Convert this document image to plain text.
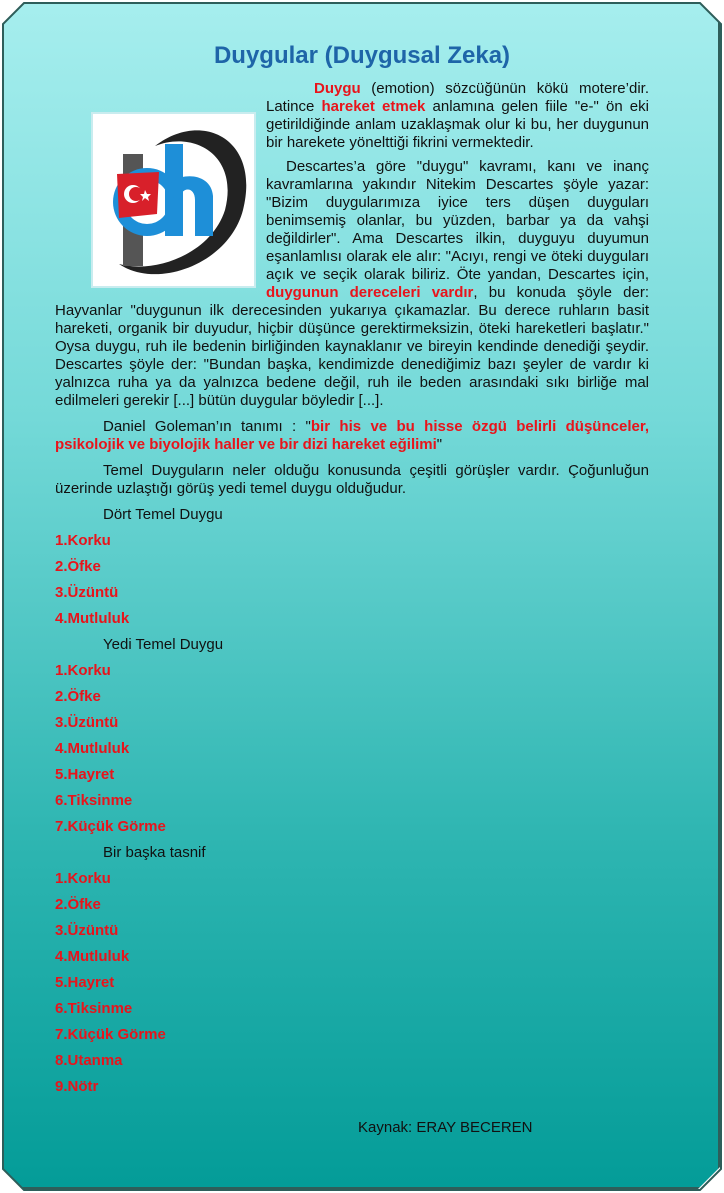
Duygular (Duygusal Zeka)

Duygu (emotion) sözcüğünün kökü motere’dir. Latince hareket etmek anlamına gelen fiile "e-" ön eki getirildiğinde anlam uzaklaşmak olur ki bu, her duygunun bir harekete yönelttiği fikrini vermektedir.

Descartes’a göre "duygu" kavramı, kanı ve inanç kavramlarına yakındır Nitekim Descartes şöyle yazar: "Bizim duygularımıza iyice ters düşen duyguları benimsemiş olanlar, bu yüzden, barbar ya da vahşi değildirler". Ama Descartes ilkin, duyguyu duyumun eşanlamlısı olarak ele alır: "Acıyı, rengi ve öteki duyguları açık ve seçik olarak biliriz. Öte yandan, Descartes için, duygunun dereceleri vardır, bu konuda şöyle der: Hayvanlar "duygunun ilk derecesinden yukarıya çıkamazlar. Bu derece ruhların basit hareketi, organik bir duyudur, hiçbir düşünce gerektirmeksizin, öteki hareketleri başlatır." Oysa duygu, ruh ile bedenin birliğinden kaynaklanır ve bireyin kendinde denediği şeydir. Descartes şöyle der: "Bundan başka, kendimizde denediğimiz bazı şeyler de vardır ki yalnızca ruha ya da yalnızca bedene değil, ruh ile beden arasındaki sıkı birliğe mal edilmeleri gerekir [...] bütün duygular böyledir [...].

Daniel Goleman’ın tanımı : "bir his ve bu hisse özgü belirli düşünceler, psikolojik ve biyolojik haller ve bir dizi hareket eğilimi"

Temel Duyguların neler olduğu konusunda çeşitli görüşler vardır. Çoğunluğun üzerinde uzlaştığı görüş yedi temel duygu olduğudur.

Dört Temel Duygu
1.Korku
2.Öfke
3.Üzüntü
4.Mutluluk
Yedi Temel Duygu
1.Korku
2.Öfke
3.Üzüntü
4.Mutluluk
5.Hayret
6.Tiksinme
7.Küçük Görme
Bir başka tasnif
1.Korku
2.Öfke
3.Üzüntü
4.Mutluluk
5.Hayret
6.Tiksinme
7.Küçük Görme
8.Utanma
9.Nötr
Kaynak: ERAY BECEREN
